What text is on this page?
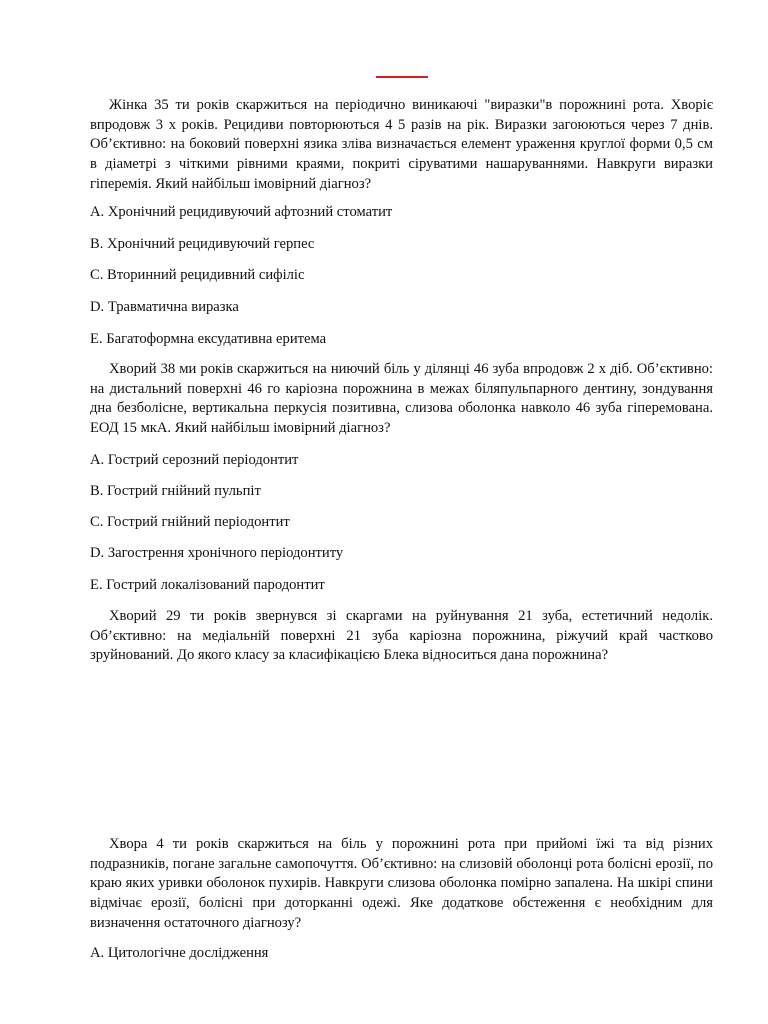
Жінка 35 ти років скаржиться на періодично виникаючі "виразки"в порожнині рота. Хворіє впродовж 3 х років. Рецидиви повторюються 4 5 разів на рік. Виразки загоюються через 7 днів. Об’єктивно: на боковий поверхні язика зліва визначається елемент ураження круглої форми 0,5 см в діаметрі з чіткими рівними краями, покриті сіруватими нашаруваннями. Навкруги виразки гіперемія. Який найбільш імовірний діагноз?

A. Хронічний рецидивуючий афтозний стоматит

B. Хронічний рецидивуючий герпес

C. Вторинний рецидивний сифіліс

D. Травматична виразка

E. Багатоформна ексудативна еритема

Хворий 38 ми років скаржиться на ниючий біль у ділянці 46 зуба впродовж 2 х діб. Об’єктивно: на дистальний поверхні 46 го каріозна порожнина в межах біляпульпарного дентину, зондування дна безболісне, вертикальна перкусія позитивна, слизова оболонка навколо 46 зуба гіперемована. ЕОД 15 мкА. Який найбільш імовірний діагноз?

A. Гострий серозний періодонтит

B. Гострий гнійний пульпіт

C. Гострий гнійний періодонтит

D. Загострення хронічного періодонтиту

E. Гострий локалізований пародонтит

Хворий 29 ти років звернувся зі скаргами на руйнування 21 зуба, естетичний недолік. Об’єктивно: на медіальній поверхні 21 зуба каріозна порожнина, ріжучий край частково зруйнований. До якого класу за класифікацією Блека відноситься дана порожнина?

Хвора 4 ти років скаржиться на біль у порожнині рота при прийомі їжі та від різних подразників, погане загальне самопочуття. Об’єктивно: на слизовій оболонці рота болісні ерозії, по краю яких уривки оболонок пухирів. Навкруги слизова оболонка помірно запалена. На шкірі спини відмічає ерозії, болісні при доторканні одежі. Яке додаткове обстеження є необхідним для визначення остаточного діагнозу?

A. Цитологічне дослідження
